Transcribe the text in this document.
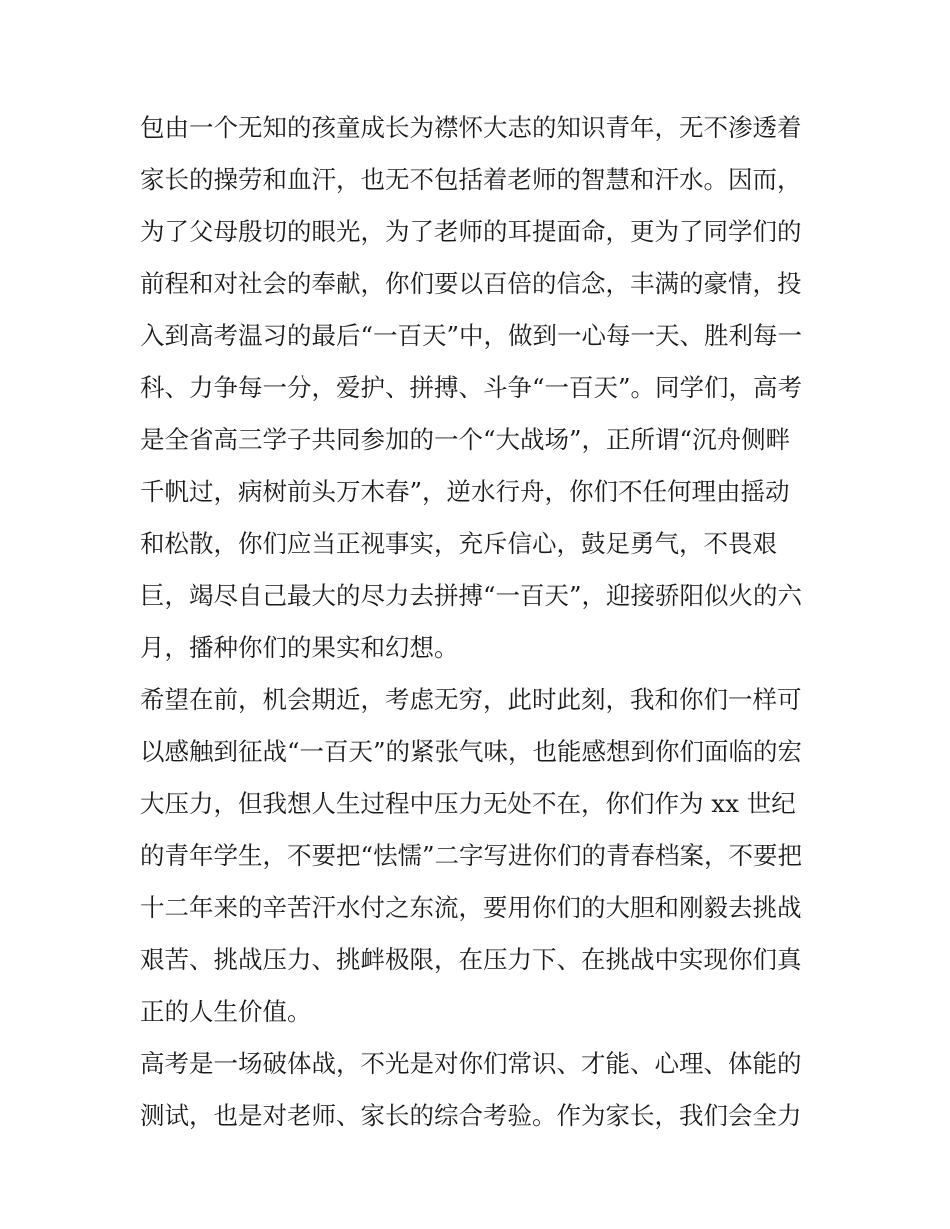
包由一个无知的孩童成长为襟怀大志的知识青年，无不渗透着
家长的操劳和血汗，也无不包括着老师的智慧和汗水。因而，
为了父母殷切的眼光，为了老师的耳提面命，更为了同学们的
前程和对社会的奉献，你们要以百倍的信念，丰满的豪情，投
入到高考温习的最后“一百天”中，做到一心每一天、胜利每一
科、力争每一分，爱护、拼搏、斗争“一百天”。同学们，高考
是全省高三学子共同参加的一个“大战场”，正所谓“沉舟侧畔
千帆过，病树前头万木春”，逆水行舟，你们不任何理由摇动
和松散，你们应当正视事实，充斥信心，鼓足勇气，不畏艰
巨，竭尽自己最大的尽力去拼搏“一百天”，迎接骄阳似火的六
月，播种你们的果实和幻想。
希望在前，机会期近，考虑无穷，此时此刻，我和你们一样可
以感触到征战“一百天”的紧张气味，也能感想到你们面临的宏
大压力，但我想人生过程中压力无处不在，你们作为 xx 世纪
的青年学生，不要把“怯懦”二字写进你们的青春档案，不要把
十二年来的辛苦汗水付之东流，要用你们的大胆和刚毅去挑战
艰苦、挑战压力、挑衅极限，在压力下、在挑战中实现你们真
正的人生价值。
高考是一场破体战，不光是对你们常识、才能、心理、体能的
测试，也是对老师、家长的综合考验。作为家长，我们会全力
